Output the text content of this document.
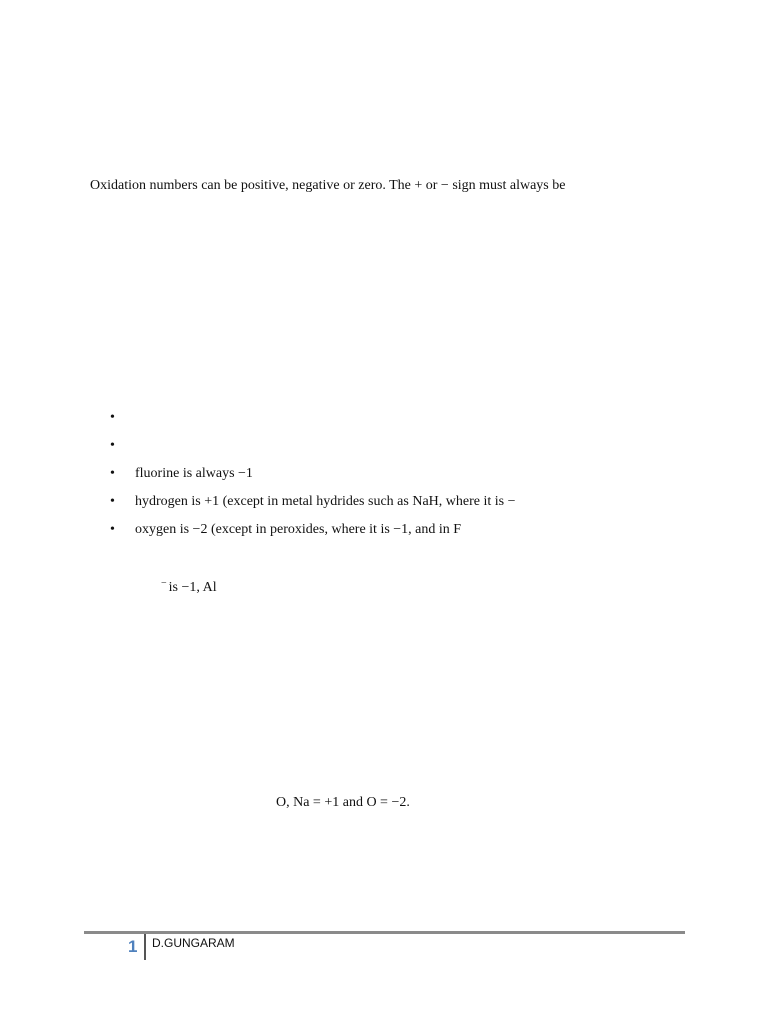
Oxidation numbers can be positive, negative or zero. The + or − sign must always be
•
•
•	fluorine is always −1
•	hydrogen is +1 (except in metal hydrides such as NaH, where it is −
•	oxygen is −2 (except in peroxides, where it is −1, and in F
− is −1, Al
O, Na = +1 and O = −2.
1 D.GUNGARAM
